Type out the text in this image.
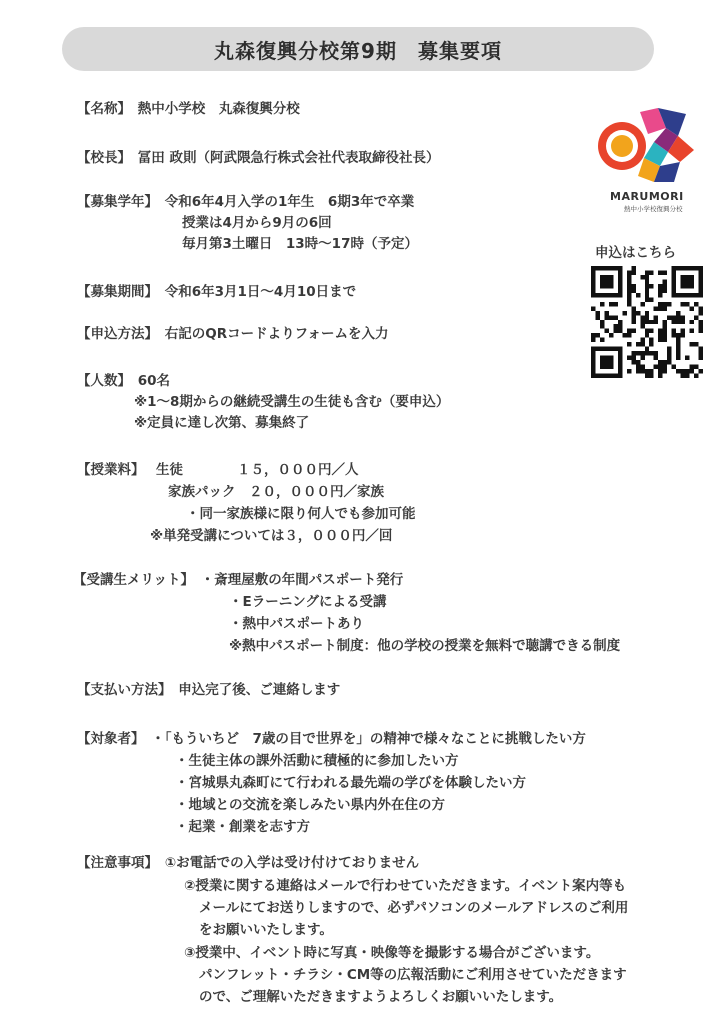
丸森復興分校第9期　募集要項
【名称】　熱中小学校　丸森復興分校
【校長】　冨田 政則（阿武隈急行株式会社代表取締役社長）
【募集学年】　令和6年4月入学の1年生　6期3年で卒業
授業は4月から9月の6回
毎月第3土曜日　13時〜17時（予定）
【募集期間】　令和6年3月1日〜4月10日まで
【申込方法】　右記のQRコードよりフォームを入力
【人数】　60名
※1〜8期からの継続受講生の生徒も含む（要申込）
※定員に達し次第、募集終了
【授業料】　 生徒　　　　１５，０００円／人
家族パック　２０，０００円／家族
・同一家族様に限り何人でも参加可能
※単発受講については３，０００円／回
【受講生メリット】　・斎理屋敷の年間パスポート発行
・Eラーニングによる受講
・熱中パスポートあり
※熱中パスポート制度：他の学校の授業を無料で聴講できる制度
【支払い方法】　申込完了後、ご連絡します
【対象者】　・「もういちど　7歳の目で世界を」の精神で様々なことに挑戦したい方
・生徒主体の課外活動に積極的に参加したい方
・宮城県丸森町にて行われる最先端の学びを体験したい方
・地域との交流を楽しみたい県内外在住の方
・起業・創業を志す方
【注意事項】　①お電話での入学は受け付けておりません
②授業に関する連絡はメールで行わせていただきます。イベント案内等も
メールにてお送りしますので、必ずパソコンのメールアドレスのご利用
をお願いいたします。
③授業中、イベント時に写真・映像等を撮影する場合がございます。
パンフレット・チラシ・CM等の広報活動にご利用させていただきます
ので、ご理解いただきますようよろしくお願いいたします。
MARUMORI
熱中小学校復興分校
申込はこちら
